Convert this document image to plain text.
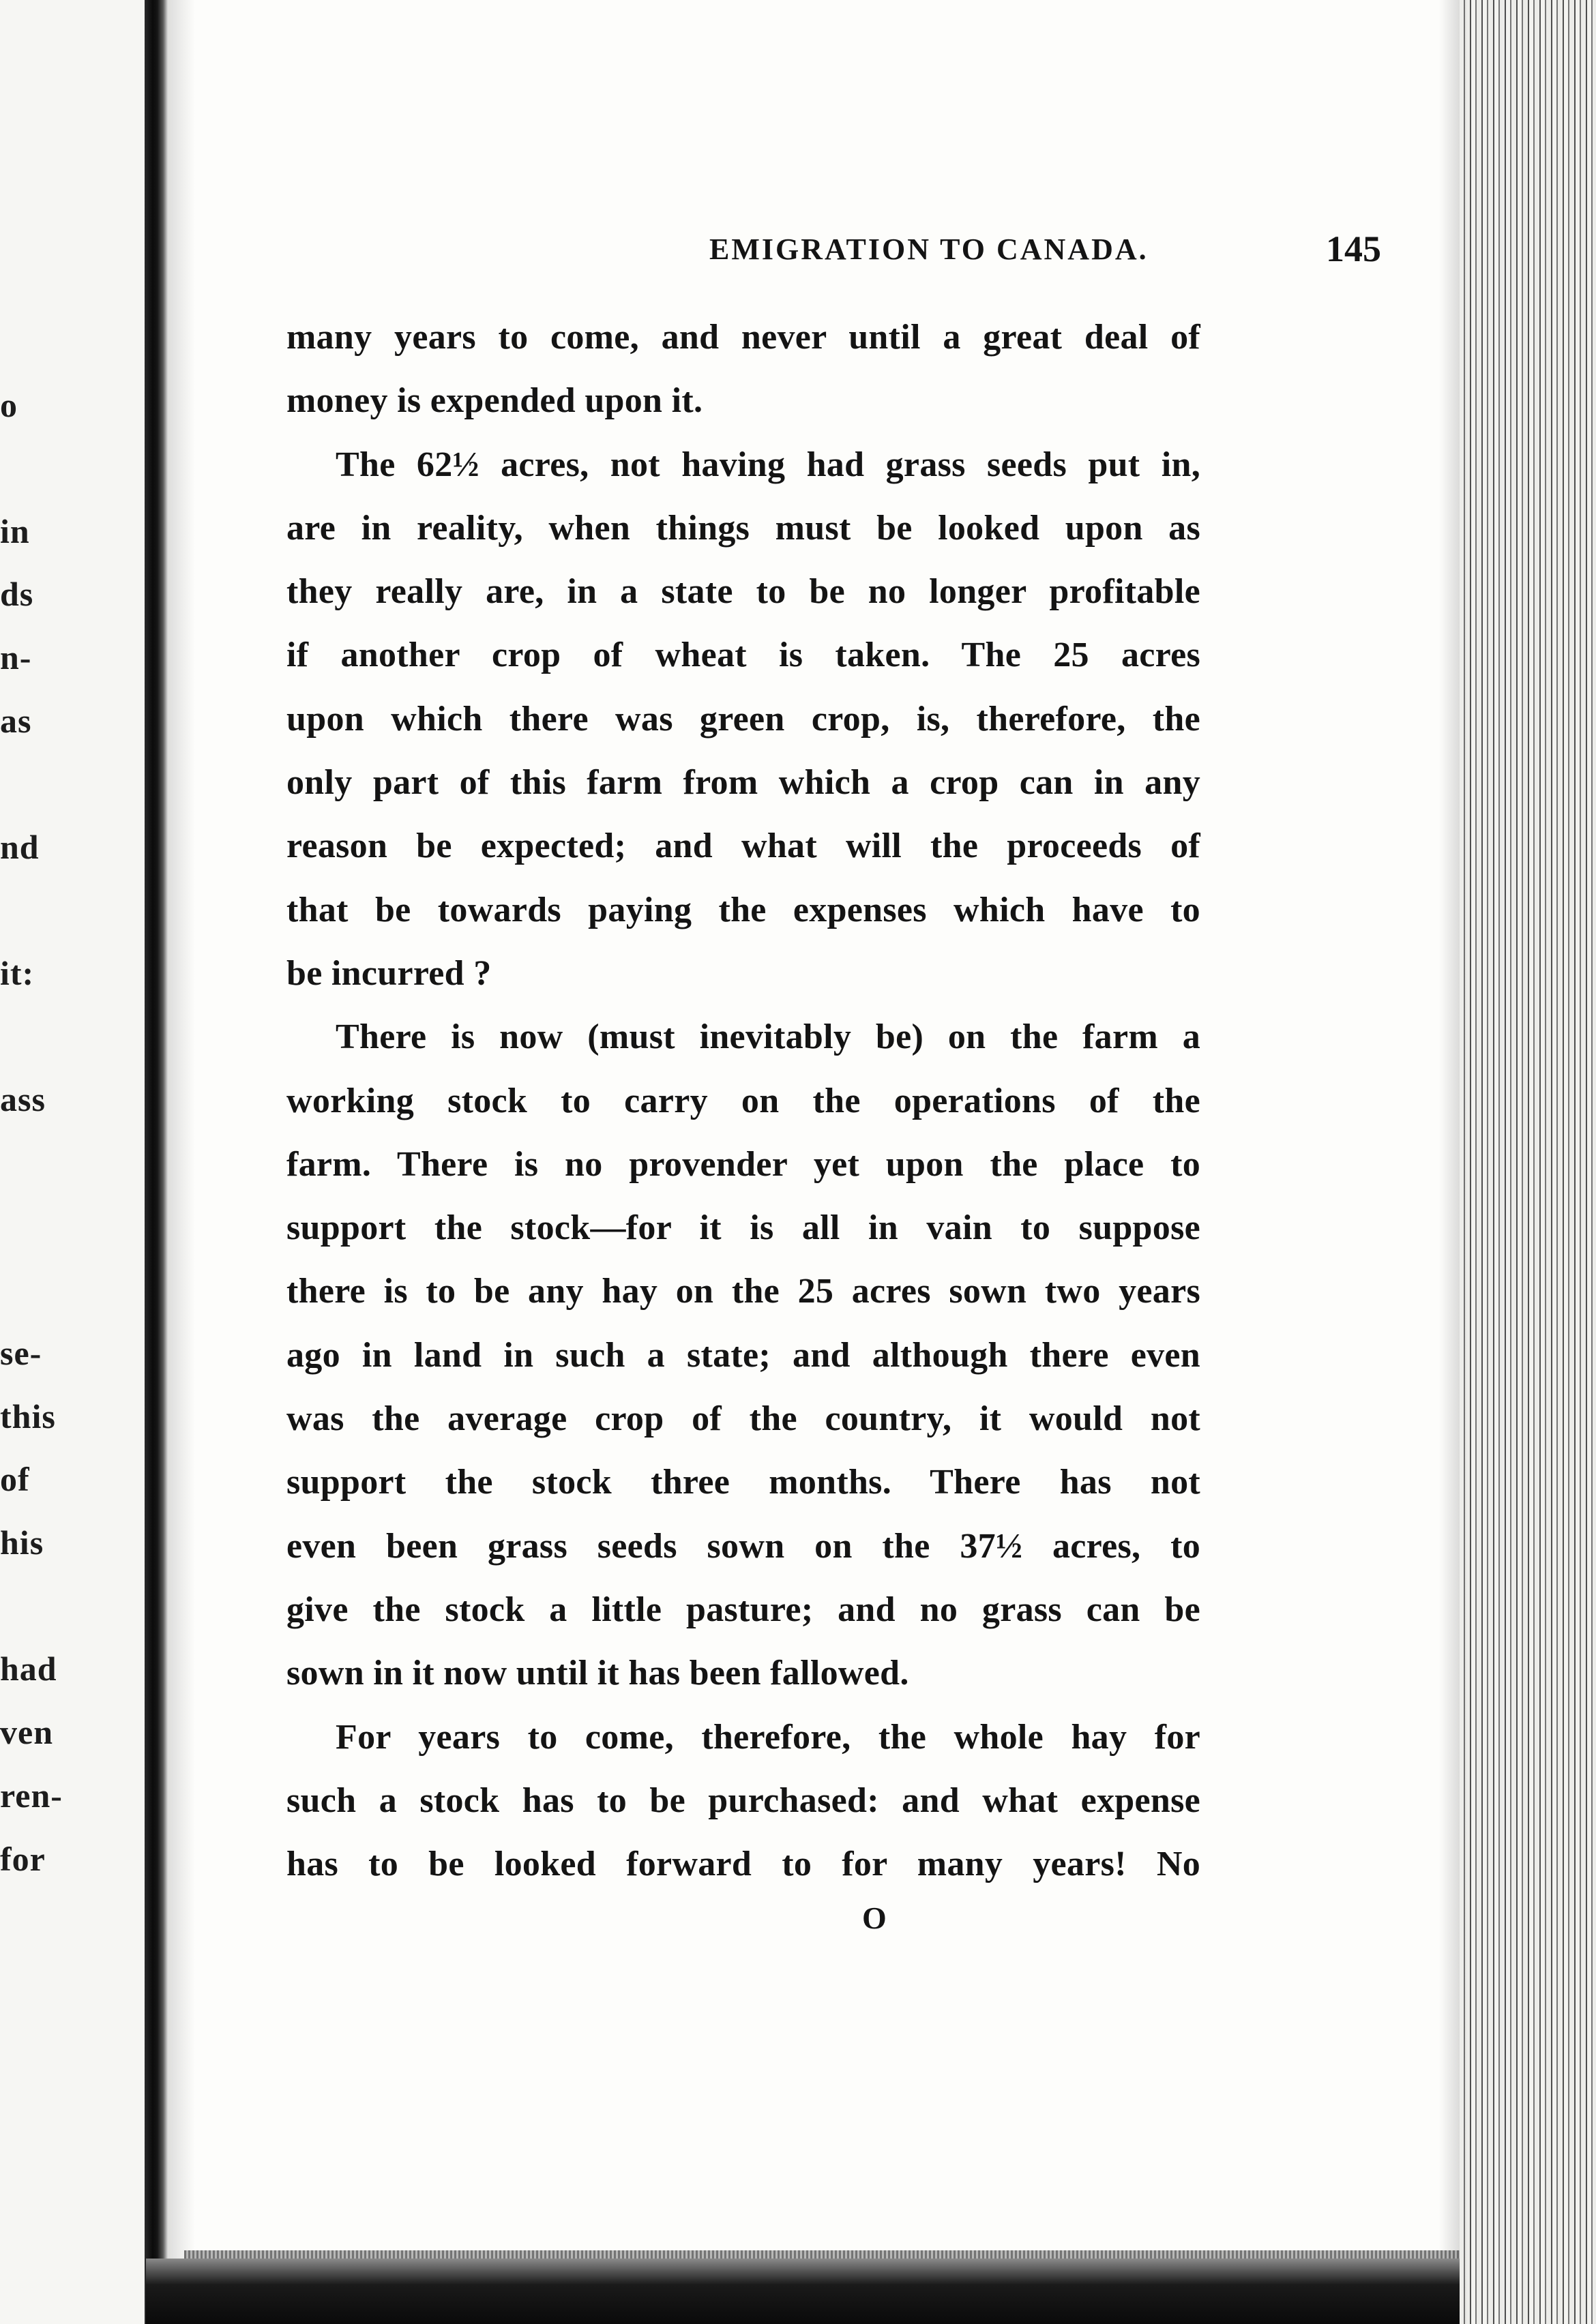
o
in
ds
n-
as
nd
it:
ass
se-
this
of
his
had
ven
ren-
for
EMIGRATION TO CANADA.	145
many years to come, and never until a great deal of
money is expended upon it.
The 62½ acres, not having had grass seeds put in,
are in reality, when things must be looked upon as
they really are, in a state to be no longer profitable
if another crop of wheat is taken. The 25 acres
upon which there was green crop, is, therefore, the
only part of this farm from which a crop can in any
reason be expected; and what will the proceeds of
that be towards paying the expenses which have to
be incurred ?
There is now (must inevitably be) on the farm a
working stock to carry on the operations of the
farm. There is no provender yet upon the place to
support the stock—for it is all in vain to suppose
there is to be any hay on the 25 acres sown two years
ago in land in such a state; and although there even
was the average crop of the country, it would not
support the stock three months. There has not
even been grass seeds sown on the 37½ acres, to
give the stock a little pasture; and no grass can be
sown in it now until it has been fallowed.
For years to come, therefore, the whole hay for
such a stock has to be purchased: and what expense
has to be looked forward to for many years! No
O
